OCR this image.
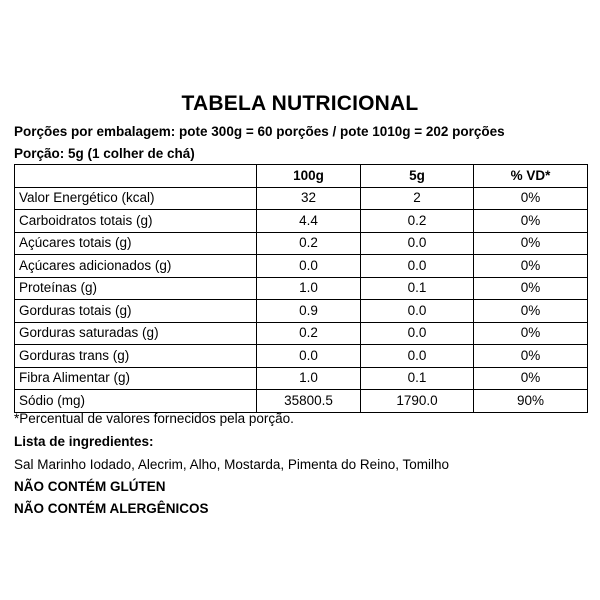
TABELA NUTRICIONAL
Porções por embalagem: pote 300g = 60 porções / pote 1010g = 202 porções
Porção: 5g (1 colher de chá)
	100g	5g	% VD*
Valor Energético (kcal)	32	2	0%
Carboidratos totais (g)	4.4	0.2	0%
Açúcares totais (g)	0.2	0.0	0%
Açúcares adicionados (g)	0.0	0.0	0%
Proteínas (g)	1.0	0.1	0%
Gorduras totais (g)	0.9	0.0	0%
Gorduras saturadas (g)	0.2	0.0	0%
Gorduras trans (g)	0.0	0.0	0%
Fibra Alimentar (g)	1.0	0.1	0%
Sódio (mg)	35800.5	1790.0	90%
*Percentual de valores fornecidos pela porção.
Lista de ingredientes:
Sal Marinho Iodado, Alecrim, Alho, Mostarda, Pimenta do Reino, Tomilho
NÃO CONTÉM GLÚTEN
NÃO CONTÉM ALERGÊNICOS
